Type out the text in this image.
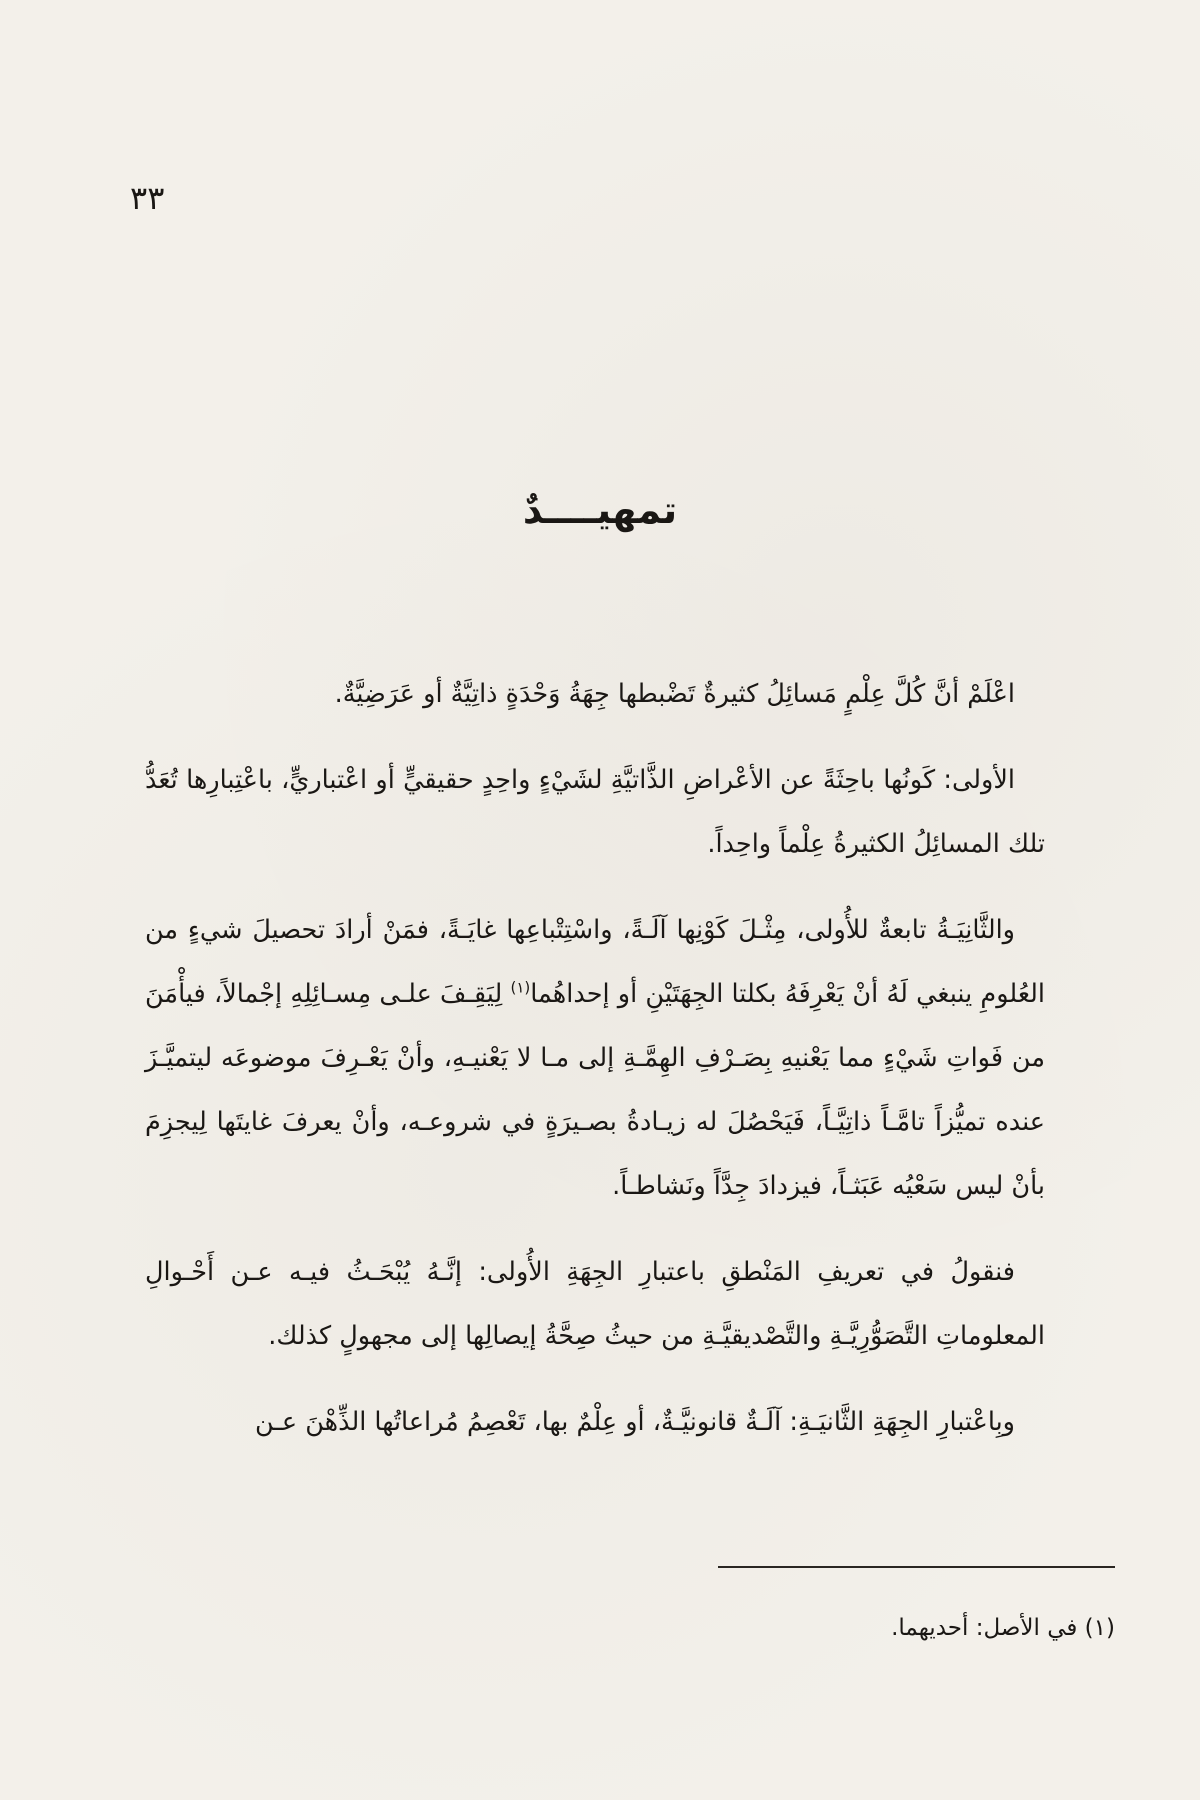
٣٣
تمهيــــدٌ

اعْلَمْ أنَّ كُلَّ عِلْمٍ مَسائِلُ كثيرةٌ تَضْبطها جِهَةُ وَحْدَةٍ ذاتِيَّةٌ أو عَرَضِيَّةٌ.

الأولى: كَونُها باحِثَةً عن الأعْراضِ الذَّاتيَّةِ لشَيْءٍ واحِدٍ حقيقيٍّ أو اعْتباريٍّ، باعْتِبارِها تُعَدُّ تلك المسائِلُ الكثيرةُ عِلْماً واحِداً.

والثَّانِيَـةُ تابعةٌ للأُولى، مِثْـلَ كَوْنِها آلَـةً، واسْتِتْباعِها غايَـةً، فمَنْ أرادَ تحصيلَ شيءٍ من العُلومِ ينبغي لَهُ أنْ يَعْرِفَهُ بكلتا الجِهَتَيْنِ أو إحداهُما$^{(١)}$ لِيَقِـفَ علـى مِسـائِلِهِ إجْمالاً، فيأْمَنَ من فَواتِ شَيْءٍ مما يَعْنيهِ بِصَـرْفِ الهِمَّـةِ إلى مـا لا يَعْنيـهِ، وأنْ يَعْـرِفَ موضوعَه ليتميَّـزَ عنده تميُّزاً تامَّـاً ذاتِيَّـاً، فَيَحْصُلَ له زيـادةُ بصـيرَةٍ في شروعـه، وأنْ يعرفَ غايتَها لِيجزِمَ بأنْ ليس سَعْيُه عَبَثـاً، فيزدادَ جِدَّاً ونَشاطـاً.

فنقولُ في تعريفِ المَنْطقِ باعتبارِ الجِهَةِ الأُولى: إنَّـهُ يُبْحَـثُ فيـه عـن أَحْـوالِ المعلوماتِ التَّصَوُّرِيَّـةِ والتَّصْديقيَّـةِ من حيثُ صِحَّةُ إيصالِها إلى مجهولٍ كذلك.

وبِاعْتبارِ الجِهَةِ الثَّانيَـةِ: آلَـةٌ قانونيَّـةٌ، أو عِلْمٌ بها، تَعْصِمُ مُراعاتُها الذِّهْنَ عـن

(١) في الأصل: أحديهما.
